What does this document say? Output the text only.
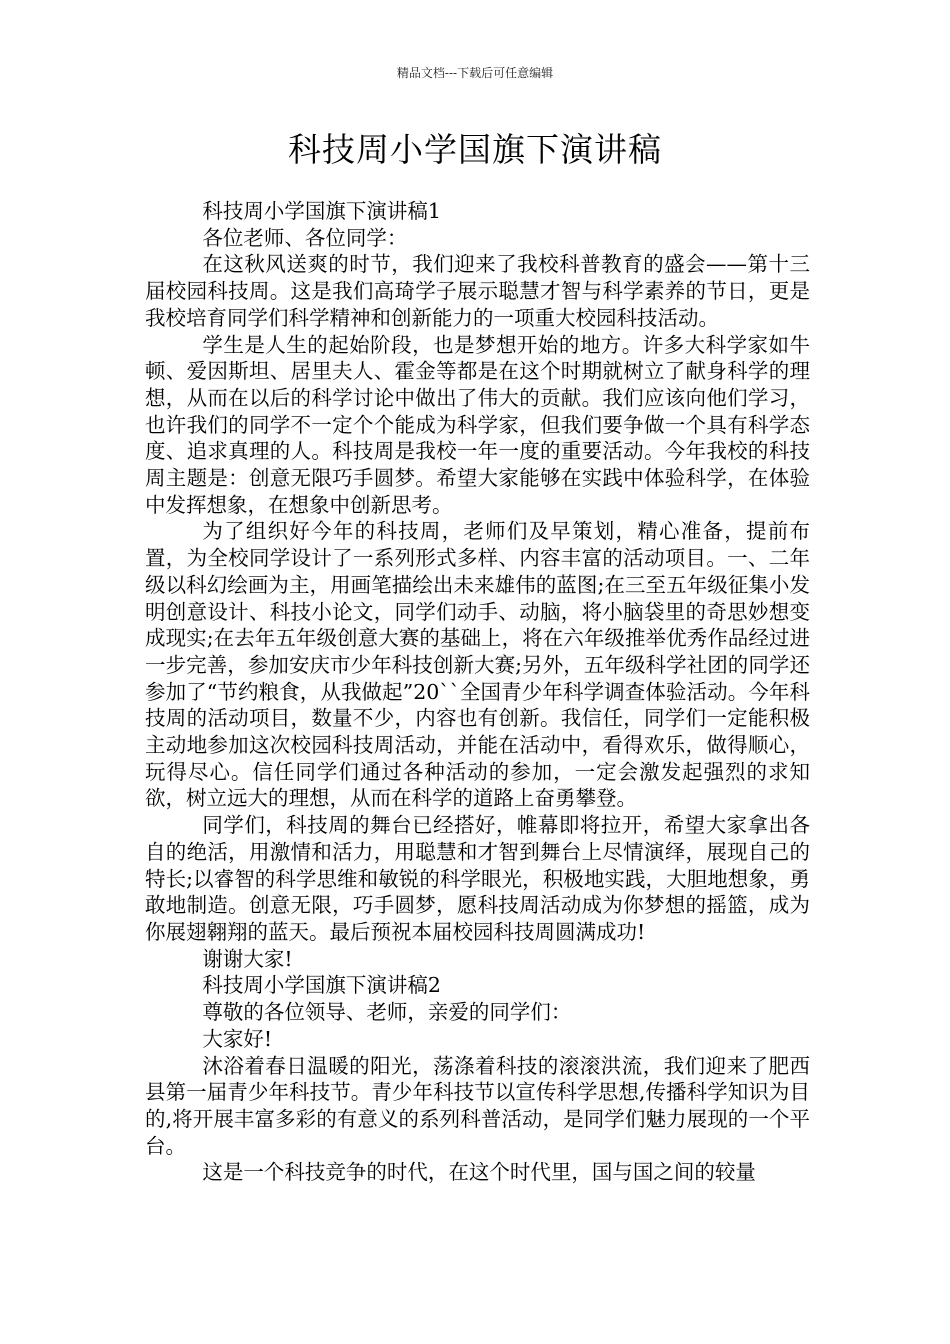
精品文档---下载后可任意编辑
科技周小学国旗下演讲稿

科技周小学国旗下演讲稿1

各位老师、各位同学：

在这秋风送爽的时节，我们迎来了我校科普教育的盛会——第十三届校园科技周。这是我们高琦学子展示聪慧才智与科学素养的节日，更是我校培育同学们科学精神和创新能力的一项重大校园科技活动。

学生是人生的起始阶段，也是梦想开始的地方。许多大科学家如牛顿、爱因斯坦、居里夫人、霍金等都是在这个时期就树立了献身科学的理想，从而在以后的科学讨论中做出了伟大的贡献。我们应该向他们学习，也许我们的同学不一定个个能成为科学家，但我们要争做一个具有科学态度、追求真理的人。科技周是我校一年一度的重要活动。今年我校的科技周主题是：创意无限巧手圆梦。希望大家能够在实践中体验科学，在体验中发挥想象，在想象中创新思考。

为了组织好今年的科技周，老师们及早策划，精心准备，提前布置，为全校同学设计了一系列形式多样、内容丰富的活动项目。一、二年级以科幻绘画为主，用画笔描绘出未来雄伟的蓝图;在三至五年级征集小发明创意设计、科技小论文，同学们动手、动脑，将小脑袋里的奇思妙想变成现实;在去年五年级创意大赛的基础上，将在六年级推举优秀作品经过进一步完善，参加安庆市少年科技创新大赛;另外，五年级科学社团的同学还参加了“节约粮食，从我做起”20``全国青少年科学调查体验活动。今年科技周的活动项目，数量不少，内容也有创新。我信任，同学们一定能积极主动地参加这次校园科技周活动，并能在活动中，看得欢乐，做得顺心，玩得尽心。信任同学们通过各种活动的参加，一定会激发起强烈的求知欲，树立远大的理想，从而在科学的道路上奋勇攀登。

同学们，科技周的舞台已经搭好，帷幕即将拉开，希望大家拿出各自的绝活，用激情和活力，用聪慧和才智到舞台上尽情演绎，展现自己的特长;以睿智的科学思维和敏锐的科学眼光，积极地实践，大胆地想象，勇敢地制造。创意无限，巧手圆梦，愿科技周活动成为你梦想的摇篮，成为你展翅翱翔的蓝天。最后预祝本届校园科技周圆满成功!

谢谢大家!

科技周小学国旗下演讲稿2

尊敬的各位领导、老师，亲爱的同学们：

大家好!

沐浴着春日温暖的阳光，荡涤着科技的滚滚洪流，我们迎来了肥西县第一届青少年科技节。青少年科技节以宣传科学思想,传播科学知识为目的,将开展丰富多彩的有意义的系列科普活动，是同学们魅力展现的一个平台。

这是一个科技竞争的时代，在这个时代里，国与国之间的较量
